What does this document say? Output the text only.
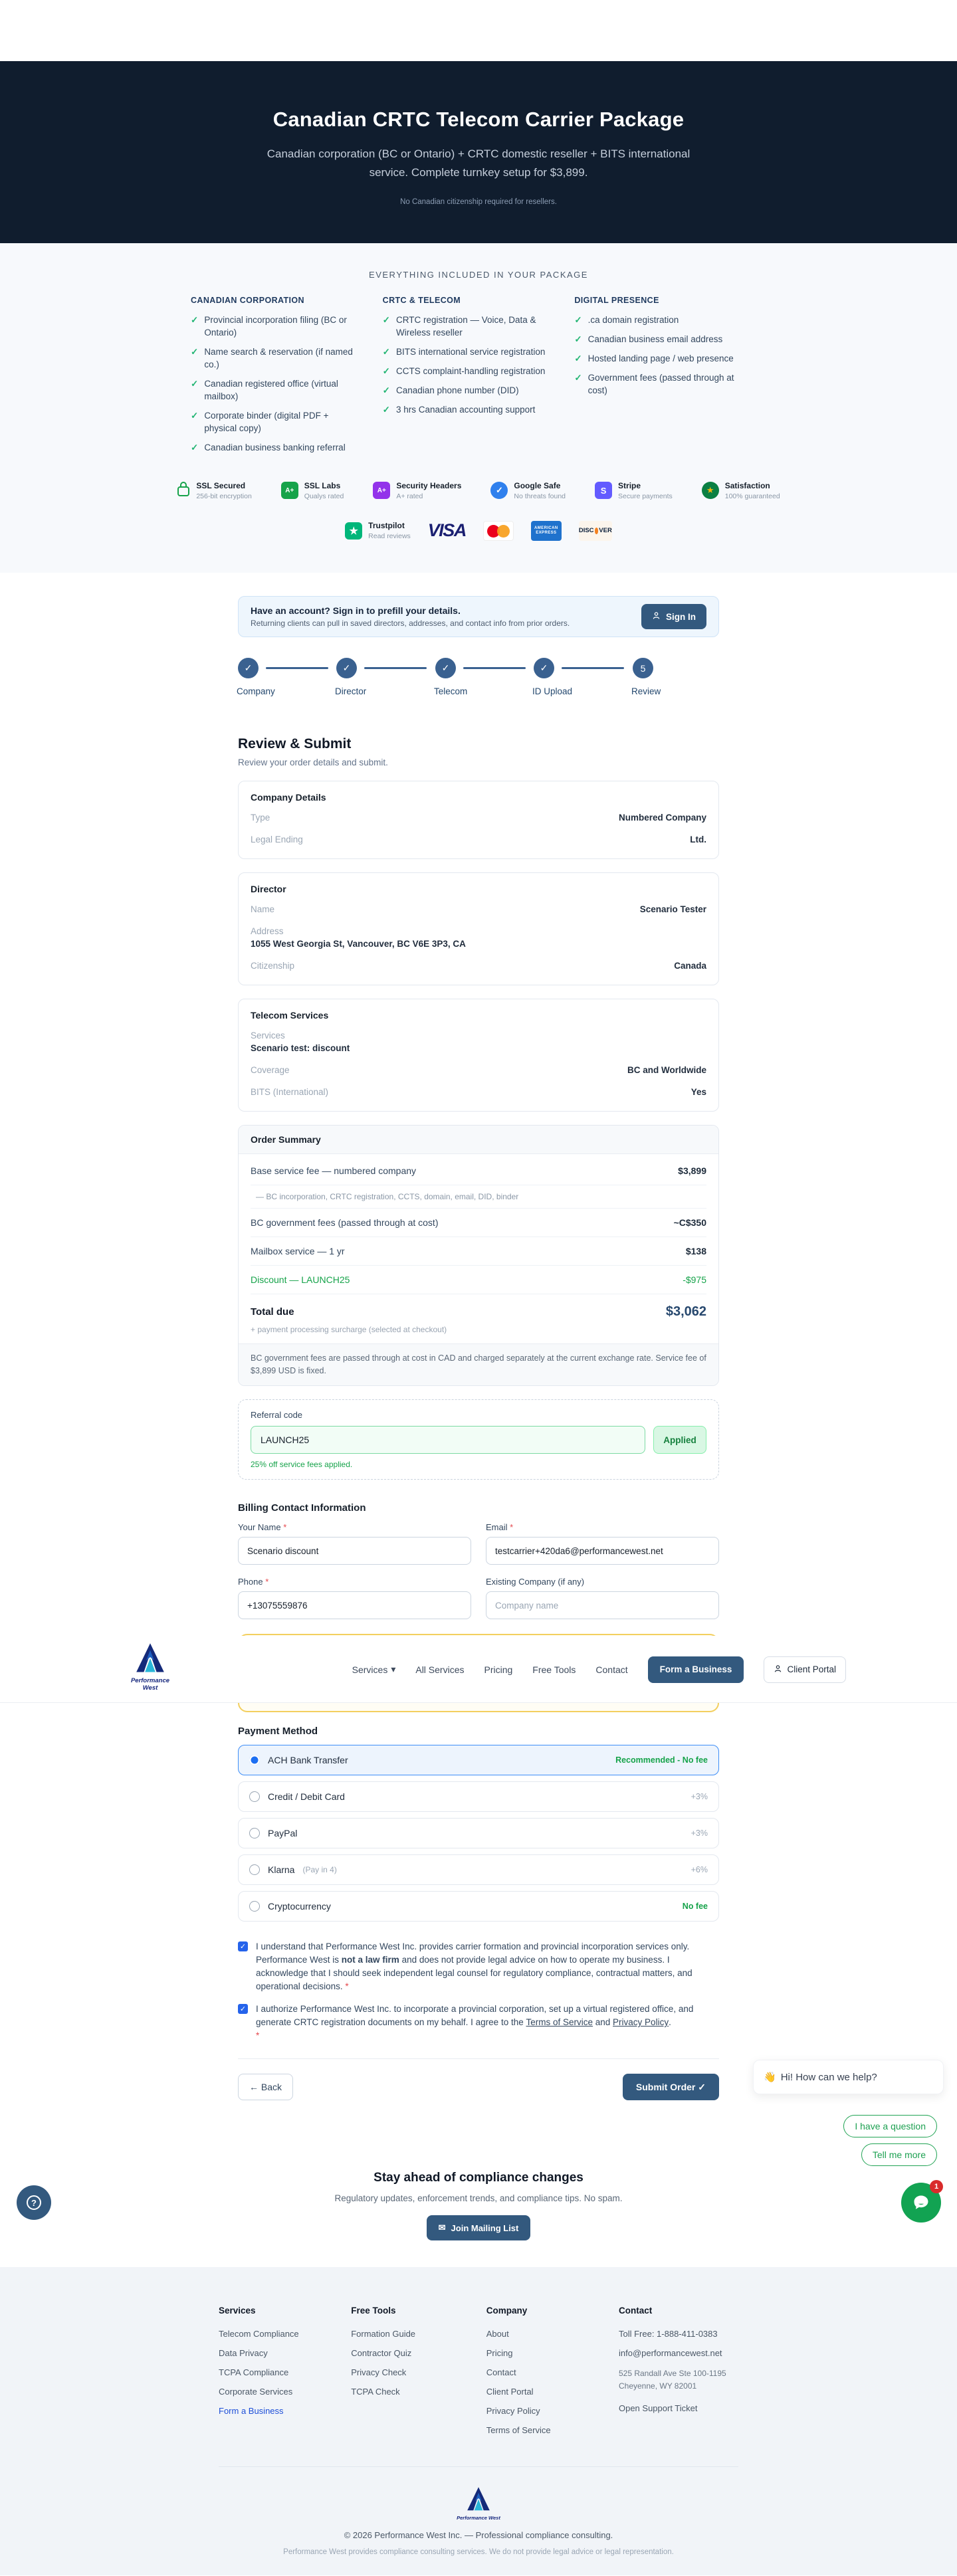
Canadian CRTC Telecom Carrier Package
Canadian corporation (BC or Ontario) + CRTC domestic reseller + BITS international service. Complete turnkey setup for $3,899.
No Canadian citizenship required for resellers.
EVERYTHING INCLUDED IN YOUR PACKAGE
CANADIAN CORPORATION
✓ Provincial incorporation filing (BC or Ontario)
✓ Name search & reservation (if named co.)
✓ Canadian registered office (virtual mailbox)
✓ Corporate binder (digital PDF + physical copy)
✓ Canadian business banking referral
CRTC & TELECOM
✓ CRTC registration — Voice, Data & Wireless reseller
✓ BITS international service registration
✓ CCTS complaint-handling registration
✓ Canadian phone number (DID)
✓ 3 hrs Canadian accounting support
DIGITAL PRESENCE
✓ .ca domain registration
✓ Canadian business email address
✓ Hosted landing page / web presence
✓ Government fees (passed through at cost)
SSL Secured
256-bit encryption
A+
SSL Labs
Qualys rated
A+
Security Headers
A+ rated
✓	Google Safe
No threats found
S	Stripe
Secure payments
★	Satisfaction
100% guaranteed
★	Trustpilot
Read reviews VISA	AMERICAN
EXPRESS	DISC VER
Have an account? Sign in to prefill your details.
Returning clients can pull in saved directors, addresses, and contact info from prior orders.
Sign In
✓	✓	✓	✓	5
Company	Director	Telecom	ID Upload	Review
Review & Submit
Review your order details and submit.
Company Details
Type	Numbered Company
Legal Ending	Ltd.
Director
Name	Scenario Tester
Address
1055 West Georgia St, Vancouver, BC V6E 3P3, CA
Citizenship	Canada
Telecom Services
Services
Scenario test: discount
Coverage	BC and Worldwide
BITS (International)	Yes
Order Summary
Base service fee — numbered company	$3,899
— BC incorporation, CRTC registration, CCTS, domain, email, DID, binder
BC government fees (passed through at cost)	~C$350
Mailbox service — 1 yr	$138
Discount — LAUNCH25	-$975
Total due	$3,062
+ payment processing surcharge (selected at checkout)
BC government fees are passed through at cost in CAD and charged separately at the current exchange rate. Service fee of $3,899 USD is fixed.
Referral code
LAUNCH25
Applied
25% off service fees applied.
Billing Contact Information
Your Name *
Scenario discount	Email *
testcarrier+420da6@performancewest.net
Phone *
+13075559876	Existing Company (if any)
Company name
Payment Method
ACH Bank Transfer	Recommended - No fee
Credit / Debit Card	+3%
PayPal	+3%
Klarna (Pay in 4)	+6%
Cryptocurrency	No fee
✓ I understand that Performance West Inc. provides carrier formation and provincial incorporation services only. Performance West is not a law firm and does not provide legal advice on how to operate my business. I acknowledge that I should seek independent legal counsel for regulatory compliance, contractual matters, and operational decisions. *
✓ I authorize Performance West Inc. to incorporate a provincial corporation, set up a virtual registered office, and generate CRTC registration documents on my behalf. I agree to the Terms of Service and Privacy Policy.
*
← Back	Submit Order ✓
Performance West
Services ▾ All Services Pricing Free Tools Contact	Form a Business	Client Portal
👋 Hi! How can we help?
I have a question
Tell me more
1
?
Stay ahead of compliance changes
Regulatory updates, enforcement trends, and compliance tips. No spam.
✉ Join Mailing List
Services
Telecom Compliance
Data Privacy
TCPA Compliance
Corporate Services
Form a Business
Free Tools
Formation Guide
Contractor Quiz
Privacy Check
TCPA Check
Company
About
Pricing
Contact
Client Portal
Privacy Policy
Terms of Service
Contact
Toll Free: 1-888-411-0383
info@performancewest.net
525 Randall Ave Ste 100-1195
Cheyenne, WY 82001
Open Support Ticket
Performance West
© 2026 Performance West Inc. — Professional compliance consulting.
Performance West provides compliance consulting services. We do not provide legal advice or legal representation.
